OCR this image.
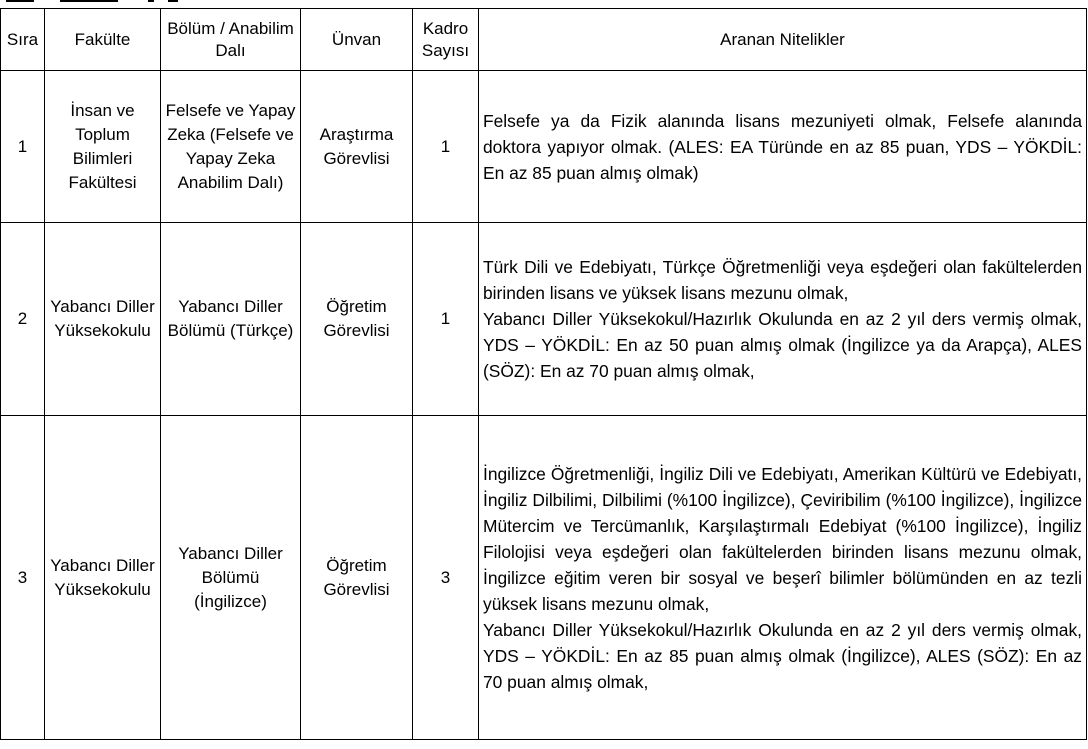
Sıra	Fakülte	Bölüm / Anabilim Dalı	Ünvan	Kadro Sayısı	Aranan Nitelikler

1	İnsan ve Toplum Bilimleri Fakültesi	Felsefe ve Yapay Zeka (Felsefe ve Yapay Zeka Anabilim Dalı)	Araştırma Görevlisi	1	Felsefe ya da Fizik alanında lisans mezuniyeti olmak, Felsefe alanında doktora yapıyor olmak. (ALES: EA Türünde en az 85 puan, YDS – YÖKDİL: En az 85 puan almış olmak)

2	Yabancı Diller Yüksekokulu	Yabancı Diller Bölümü (Türkçe)	Öğretim Görevlisi	1	Türk Dili ve Edebiyatı, Türkçe Öğretmenliği veya eşdeğeri olan fakültelerden birinden lisans ve yüksek lisans mezunu olmak,
Yabancı Diller Yüksekokul/Hazırlık Okulunda en az 2 yıl ders vermiş olmak, YDS – YÖKDİL: En az 50 puan almış olmak (İngilizce ya da Arapça), ALES (SÖZ): En az 70 puan almış olmak,

3	Yabancı Diller Yüksekokulu	Yabancı Diller Bölümü (İngilizce)	Öğretim Görevlisi	3	İngilizce Öğretmenliği, İngiliz Dili ve Edebiyatı, Amerikan Kültürü ve Edebiyatı, İngiliz Dilbilimi, Dilbilimi (%100 İngilizce), Çeviribilim (%100 İngilizce), İngilizce Mütercim ve Tercümanlık, Karşılaştırmalı Edebiyat (%100 İngilizce), İngiliz Filolojisi veya eşdeğeri olan fakültelerden birinden lisans mezunu olmak, İngilizce eğitim veren bir sosyal ve beşerî bilimler bölümünden en az tezli yüksek lisans mezunu olmak,
Yabancı Diller Yüksekokul/Hazırlık Okulunda en az 2 yıl ders vermiş olmak, YDS – YÖKDİL: En az 85 puan almış olmak (İngilizce), ALES (SÖZ): En az 70 puan almış olmak,
